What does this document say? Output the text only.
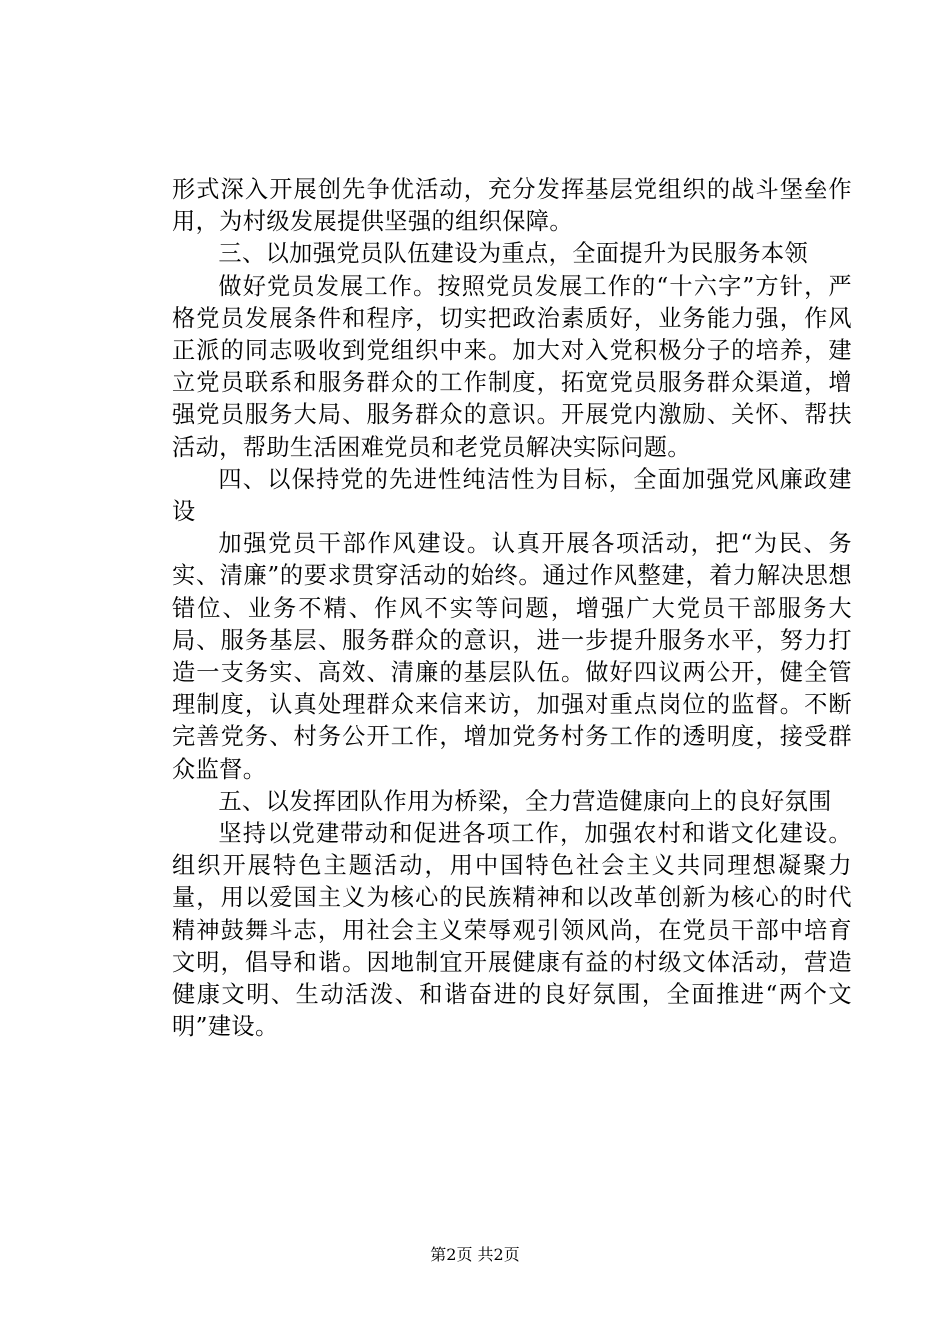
形式深入开展创先争优活动，充分发挥基层党组织的战斗堡垒作用，为村级发展提供坚强的组织保障。

三、以加强党员队伍建设为重点，全面提升为民服务本领

做好党员发展工作。按照党员发展工作的“十六字”方针，严格党员发展条件和程序，切实把政治素质好，业务能力强，作风正派的同志吸收到党组织中来。加大对入党积极分子的培养，建立党员联系和服务群众的工作制度，拓宽党员服务群众渠道，增强党员服务大局、服务群众的意识。开展党内激励、关怀、帮扶活动，帮助生活困难党员和老党员解决实际问题。

四、以保持党的先进性纯洁性为目标，全面加强党风廉政建设

加强党员干部作风建设。认真开展各项活动，把“为民、务实、清廉”的要求贯穿活动的始终。通过作风整建，着力解决思想错位、业务不精、作风不实等问题，增强广大党员干部服务大局、服务基层、服务群众的意识，进一步提升服务水平，努力打造一支务实、高效、清廉的基层队伍。做好四议两公开，健全管理制度，认真处理群众来信来访，加强对重点岗位的监督。不断完善党务、村务公开工作，增加党务村务工作的透明度，接受群众监督。

五、以发挥团队作用为桥梁，全力营造健康向上的良好氛围

坚持以党建带动和促进各项工作，加强农村和谐文化建设。组织开展特色主题活动，用中国特色社会主义共同理想凝聚力量，用以爱国主义为核心的民族精神和以改革创新为核心的时代精神鼓舞斗志，用社会主义荣辱观引领风尚，在党员干部中培育文明，倡导和谐。因地制宜开展健康有益的村级文体活动，营造健康文明、生动活泼、和谐奋进的良好氛围，全面推进“两个文明”建设。

第2页 共2页
